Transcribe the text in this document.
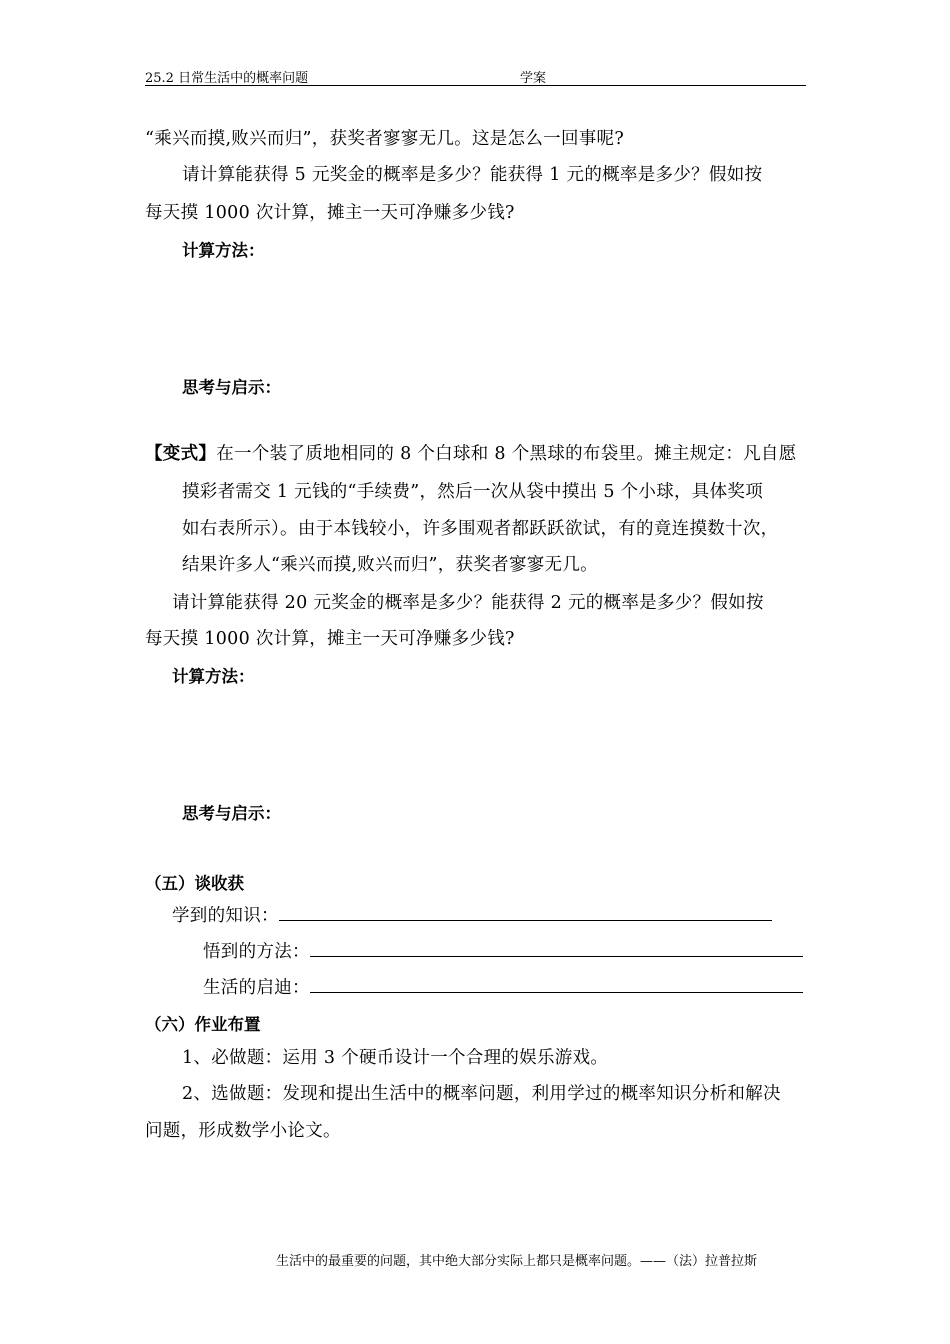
25.2 日常生活中的概率问题	学案
“乘兴而摸,败兴而归”，获奖者寥寥无几。这是怎么一回事呢?
请计算能获得 5 元奖金的概率是多少？能获得 1 元的概率是多少？假如按
每天摸 1000 次计算，摊主一天可净赚多少钱?
计算方法：
思考与启示：
【变式】在一个装了质地相同的 8 个白球和 8 个黑球的布袋里。摊主规定：凡自愿
摸彩者需交 1 元钱的“手续费”，然后一次从袋中摸出 5 个小球，具体奖项
如右表所示）。由于本钱较小，许多围观者都跃跃欲试，有的竟连摸数十次，
结果许多人“乘兴而摸,败兴而归”，获奖者寥寥无几。
请计算能获得 20 元奖金的概率是多少？能获得 2 元的概率是多少？假如按
每天摸 1000 次计算，摊主一天可净赚多少钱?
计算方法：
思考与启示：
（五）谈收获
学到的知识：
悟到的方法：
生活的启迪：
（六）作业布置
1、必做题：运用 3 个硬币设计一个合理的娱乐游戏。
2、选做题：发现和提出生活中的概率问题，利用学过的概率知识分析和解决
问题，形成数学小论文。
生活中的最重要的问题，其中绝大部分实际上都只是概率问题。——（法）拉普拉斯
